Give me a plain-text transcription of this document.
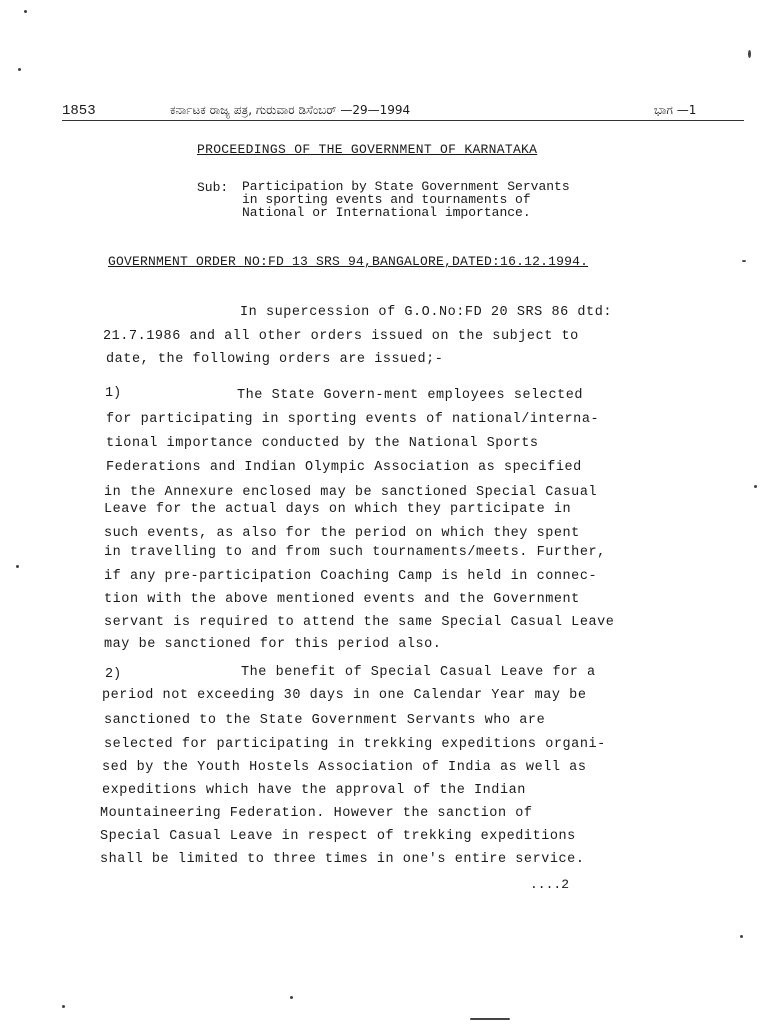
1853	ಕರ್ನಾಟಕ ರಾಜ್ಯ ಪತ್ರ, ಗುರುವಾರ ಡಿಸೆಂಬರ್ —29—1994	ಭಾಗ —1
PROCEEDINGS OF THE GOVERNMENT OF KARNATAKA
Sub: Participation by State Government Servants
in sporting events and tournaments of
National or International importance.
GOVERNMENT ORDER NO:FD 13 SRS 94,BANGALORE,DATED:16.12.1994.
In supercession of G.O.No:FD 20 SRS 86 dtd:
21.7.1986 and all other orders issued on the subject to
date, the following orders are issued;-
1)	The State Govern-ment employees selected
for participating in sporting events of national/interna-
tional importance conducted by the National Sports
Federations and Indian Olympic Association as specified
in the Annexure enclosed may be sanctioned Special Casual
Leave for the actual days on which they participate in
such events, as also for the period on which they spent
in travelling to and from such tournaments/meets. Further,
if any pre-participation Coaching Camp is held in connec-
tion with the above mentioned events and the Government
servant is required to attend the same Special Casual Leave
may be sanctioned for this period also.
2)	The benefit of Special Casual Leave for a
period not exceeding 30 days in one Calendar Year may be
sanctioned to the State Government Servants who are
selected for participating in trekking expeditions organi-
sed by the Youth Hostels Association of India as well as
expeditions which have the approval of the Indian
Mountaineering Federation. However the sanction of
Special Casual Leave in respect of trekking expeditions
shall be limited to three times in one's entire service.
....2
